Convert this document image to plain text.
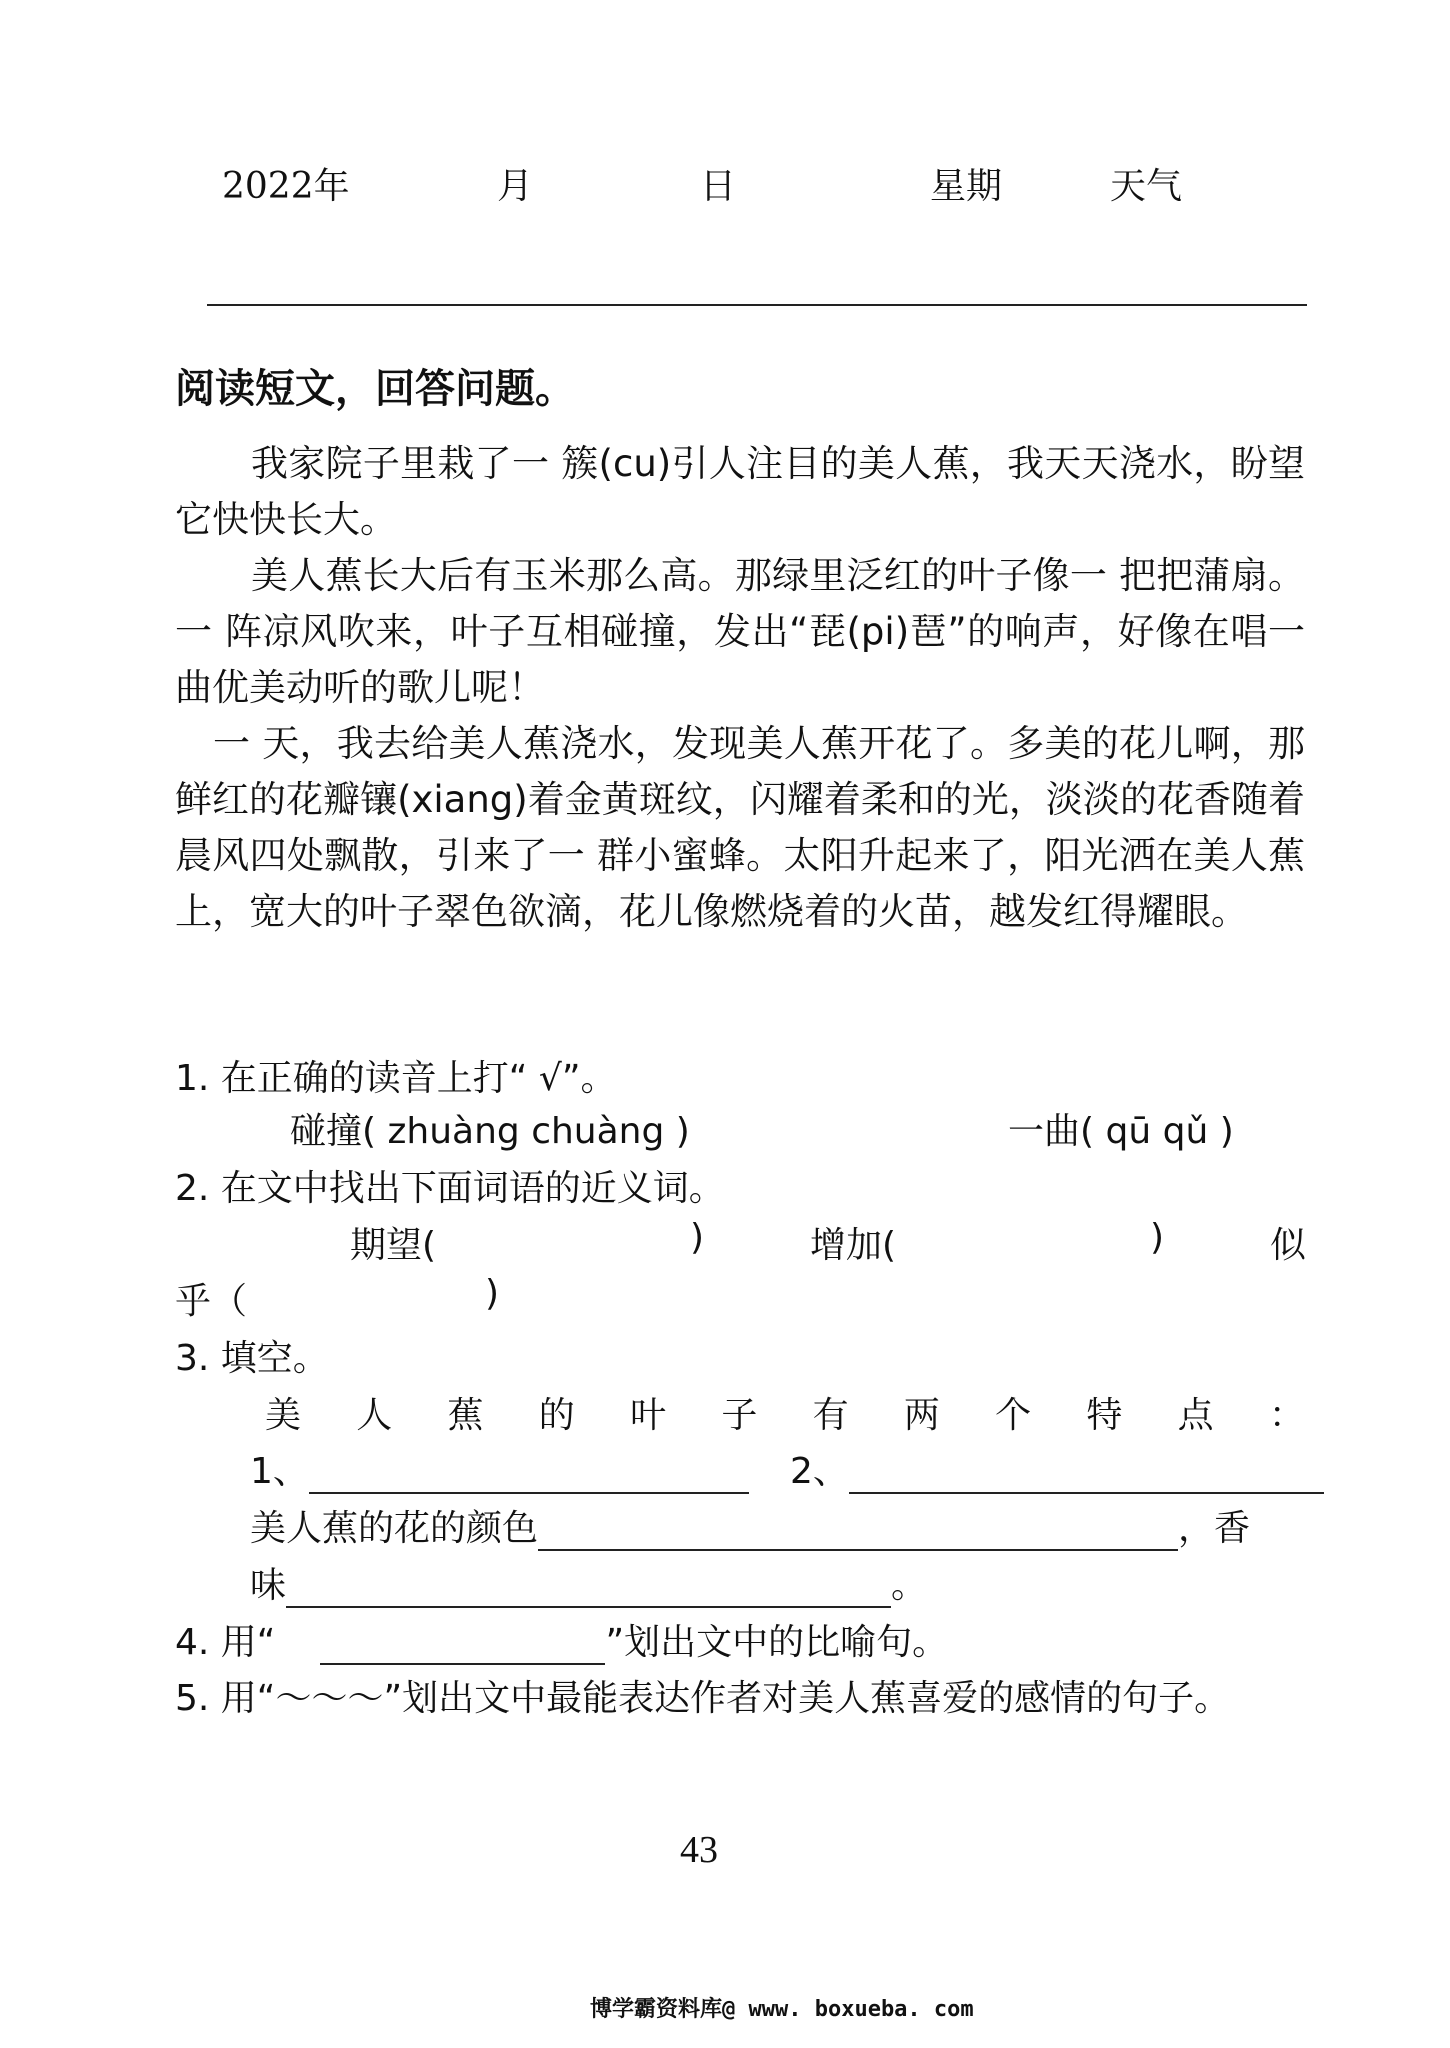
2022年	月	日	星期	天气
阅读短文，回答问题。
我家院子里栽了一 簇(cu)引人注目的美人蕉，我天天浇水，盼望它快快长大。
美人蕉长大后有玉米那么高。那绿里泛红的叶子像一 把把蒲扇。一 阵凉风吹来，叶子互相碰撞，发出“琵(pi)琶”的响声，好像在唱一 曲优美动听的歌儿呢！
一 天，我去给美人蕉浇水，发现美人蕉开花了。多美的花儿啊，那鲜红的花瓣镶(xiang)着金黄斑纹，闪耀着柔和的光，淡淡的花香随着晨风四处飘散，引来了一 群小蜜蜂。太阳升起来了，阳光洒在美人蕉上，宽大的叶子翠色欲滴，花儿像燃烧着的火苗，越发红得耀眼。
1. 在正确的读音上打“ √”。
碰撞( zhuàng chuàng )	一曲( qū qǔ )
2. 在文中找出下面词语的近义词。
期望(	)	增加(	)	似
乎（	)
3. 填空。
美 人 蕉 的 叶 子 有 两 个 特 点 ：
1、	2、
美人蕉的花的颜色	，香
味	。
4. 用“	”划出文中的比喻句。
5. 用“～～～”划出文中最能表达作者对美人蕉喜爱的感情的句子。
43
博学霸资料库@ www. boxueba. com
